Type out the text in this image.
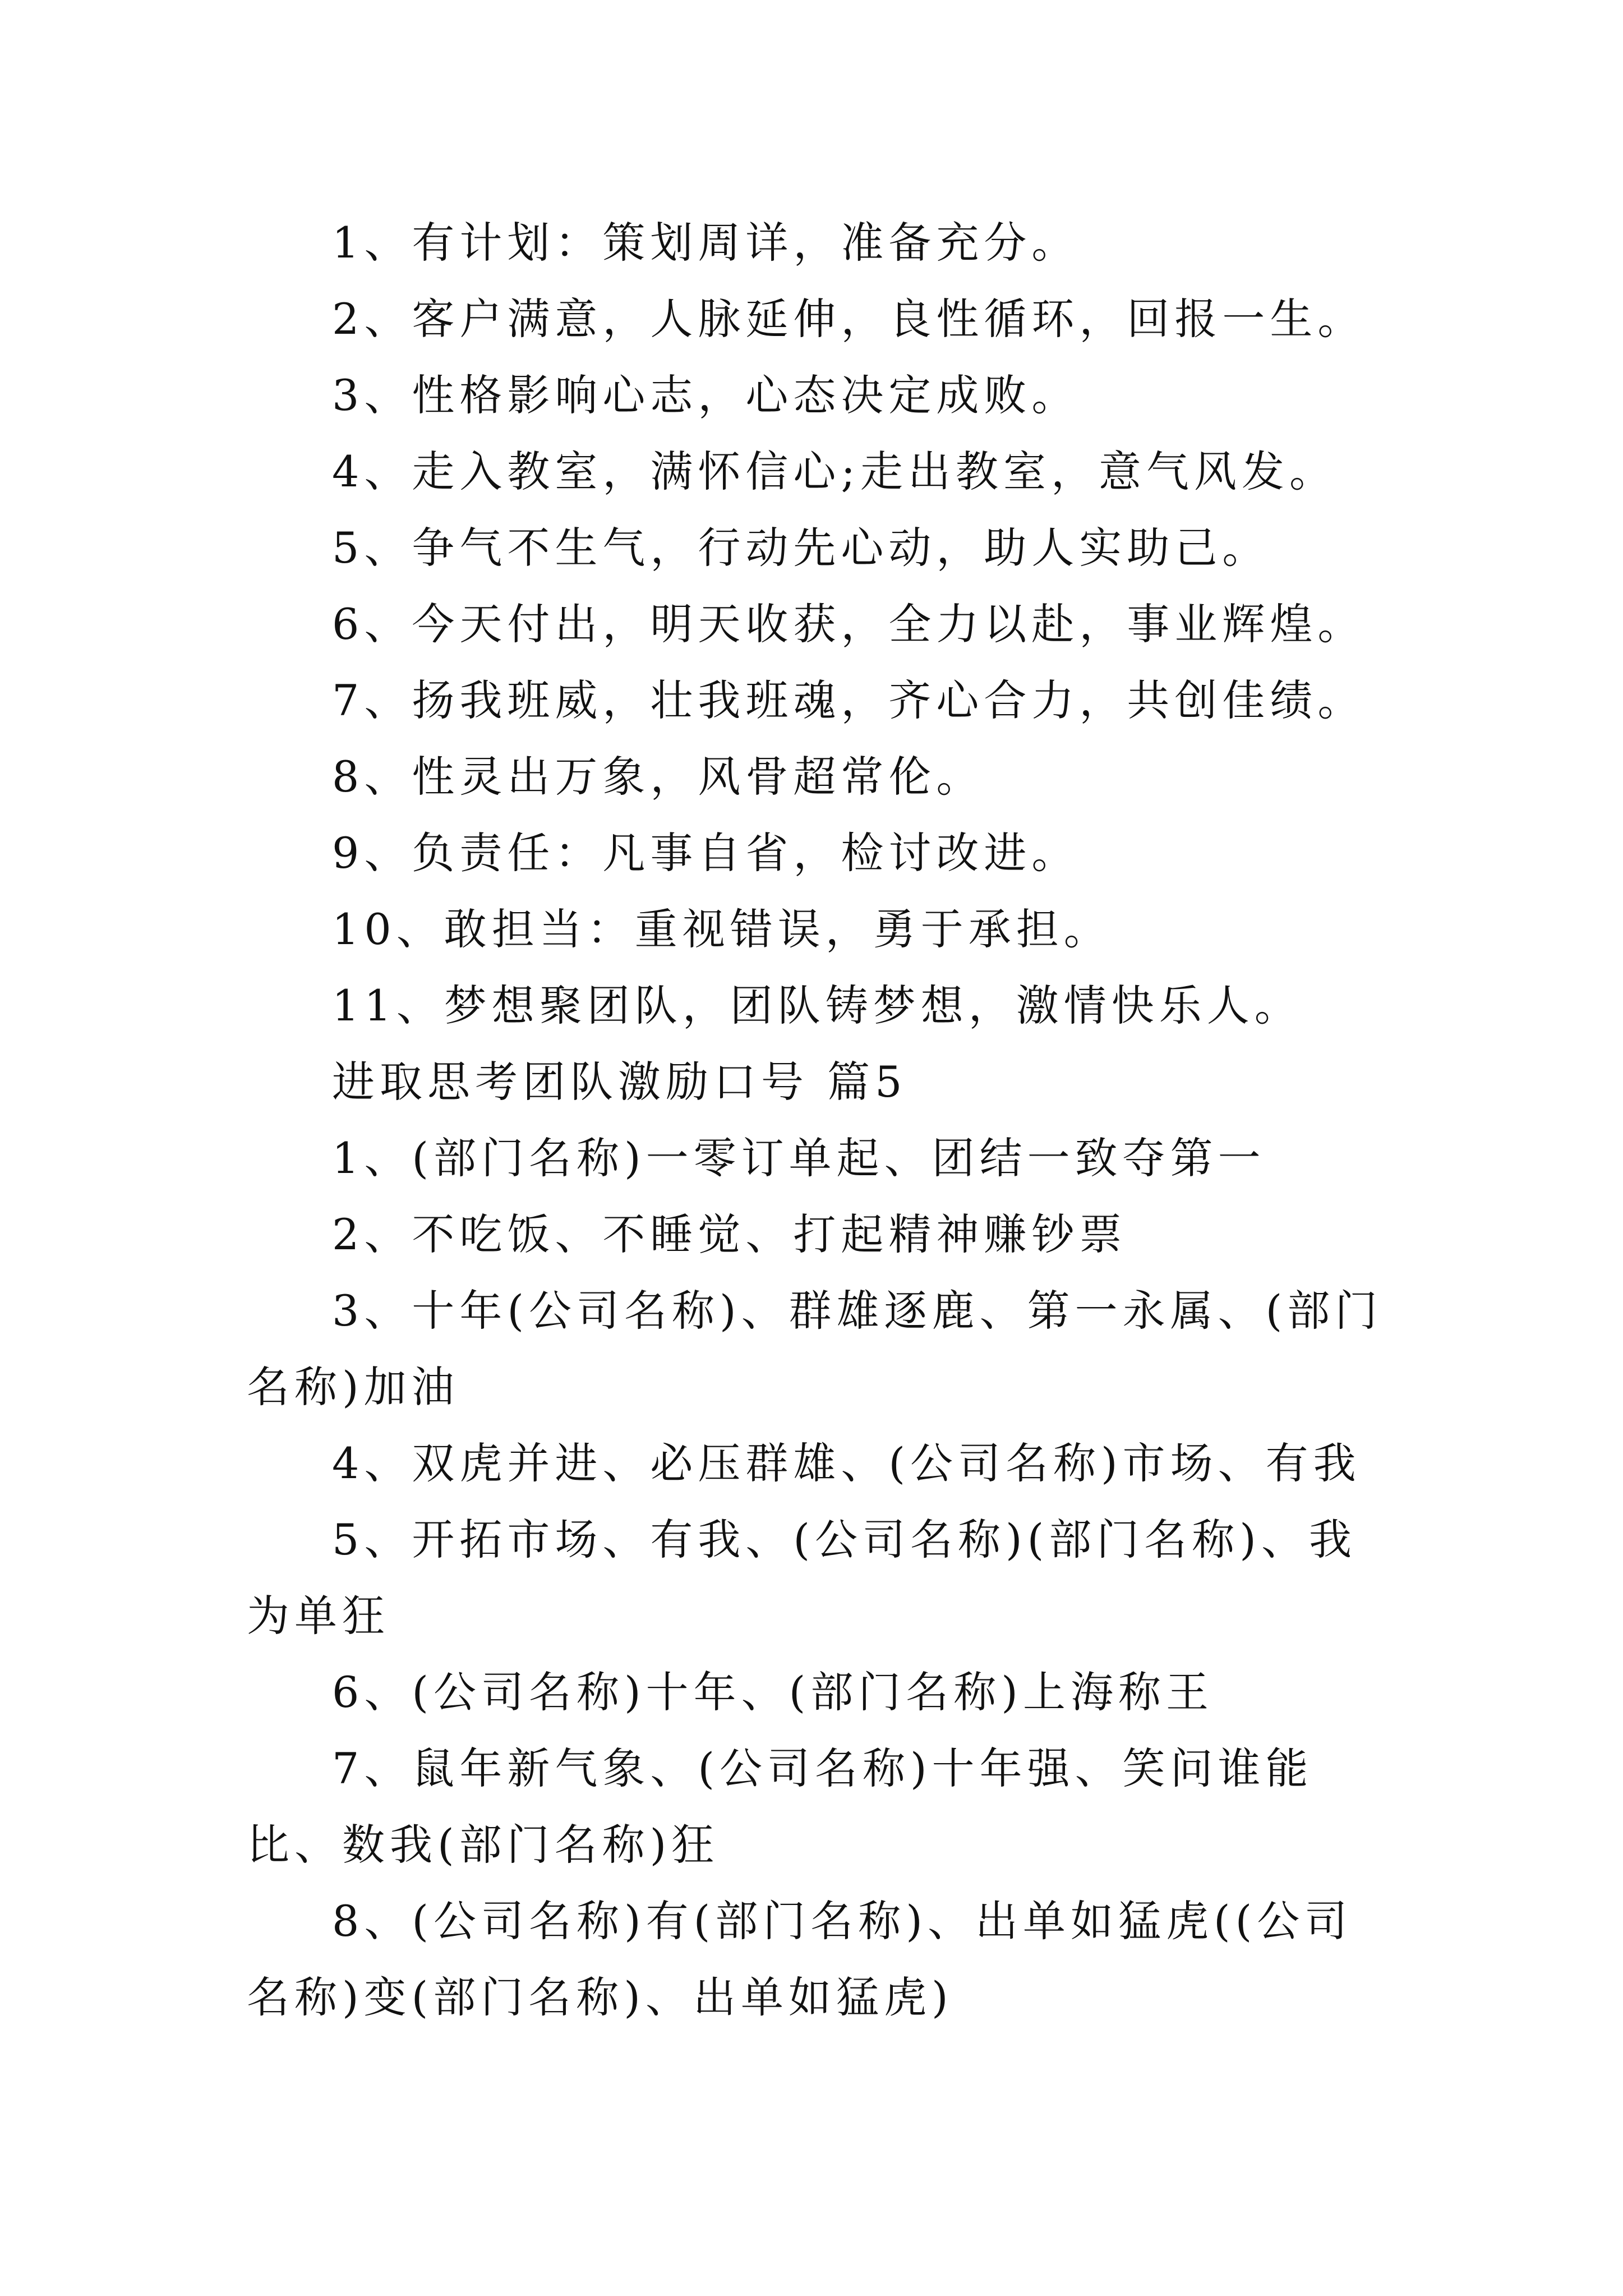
1、有计划：策划周详，准备充分。

2、客户满意，人脉延伸，良性循环，回报一生。

3、性格影响心志，心态决定成败。

4、走入教室，满怀信心;走出教室，意气风发。

5、争气不生气，行动先心动，助人实助己。

6、今天付出，明天收获，全力以赴，事业辉煌。

7、扬我班威，壮我班魂，齐心合力，共创佳绩。

8、性灵出万象，风骨超常伦。

9、负责任：凡事自省，检讨改进。

10、敢担当：重视错误，勇于承担。

11、梦想聚团队，团队铸梦想，激情快乐人。

进取思考团队激励口号 篇5

1、(部门名称)一零订单起、团结一致夺第一

2、不吃饭、不睡觉、打起精神赚钞票

3、十年(公司名称)、群雄逐鹿、第一永属、(部门名称)加油

4、双虎并进、必压群雄、(公司名称)市场、有我

5、开拓市场、有我、(公司名称)(部门名称)、我为单狂

6、(公司名称)十年、(部门名称)上海称王

7、鼠年新气象、(公司名称)十年强、笑问谁能比、数我(部门名称)狂

8、(公司名称)有(部门名称)、出单如猛虎((公司名称)变(部门名称)、出单如猛虎)
